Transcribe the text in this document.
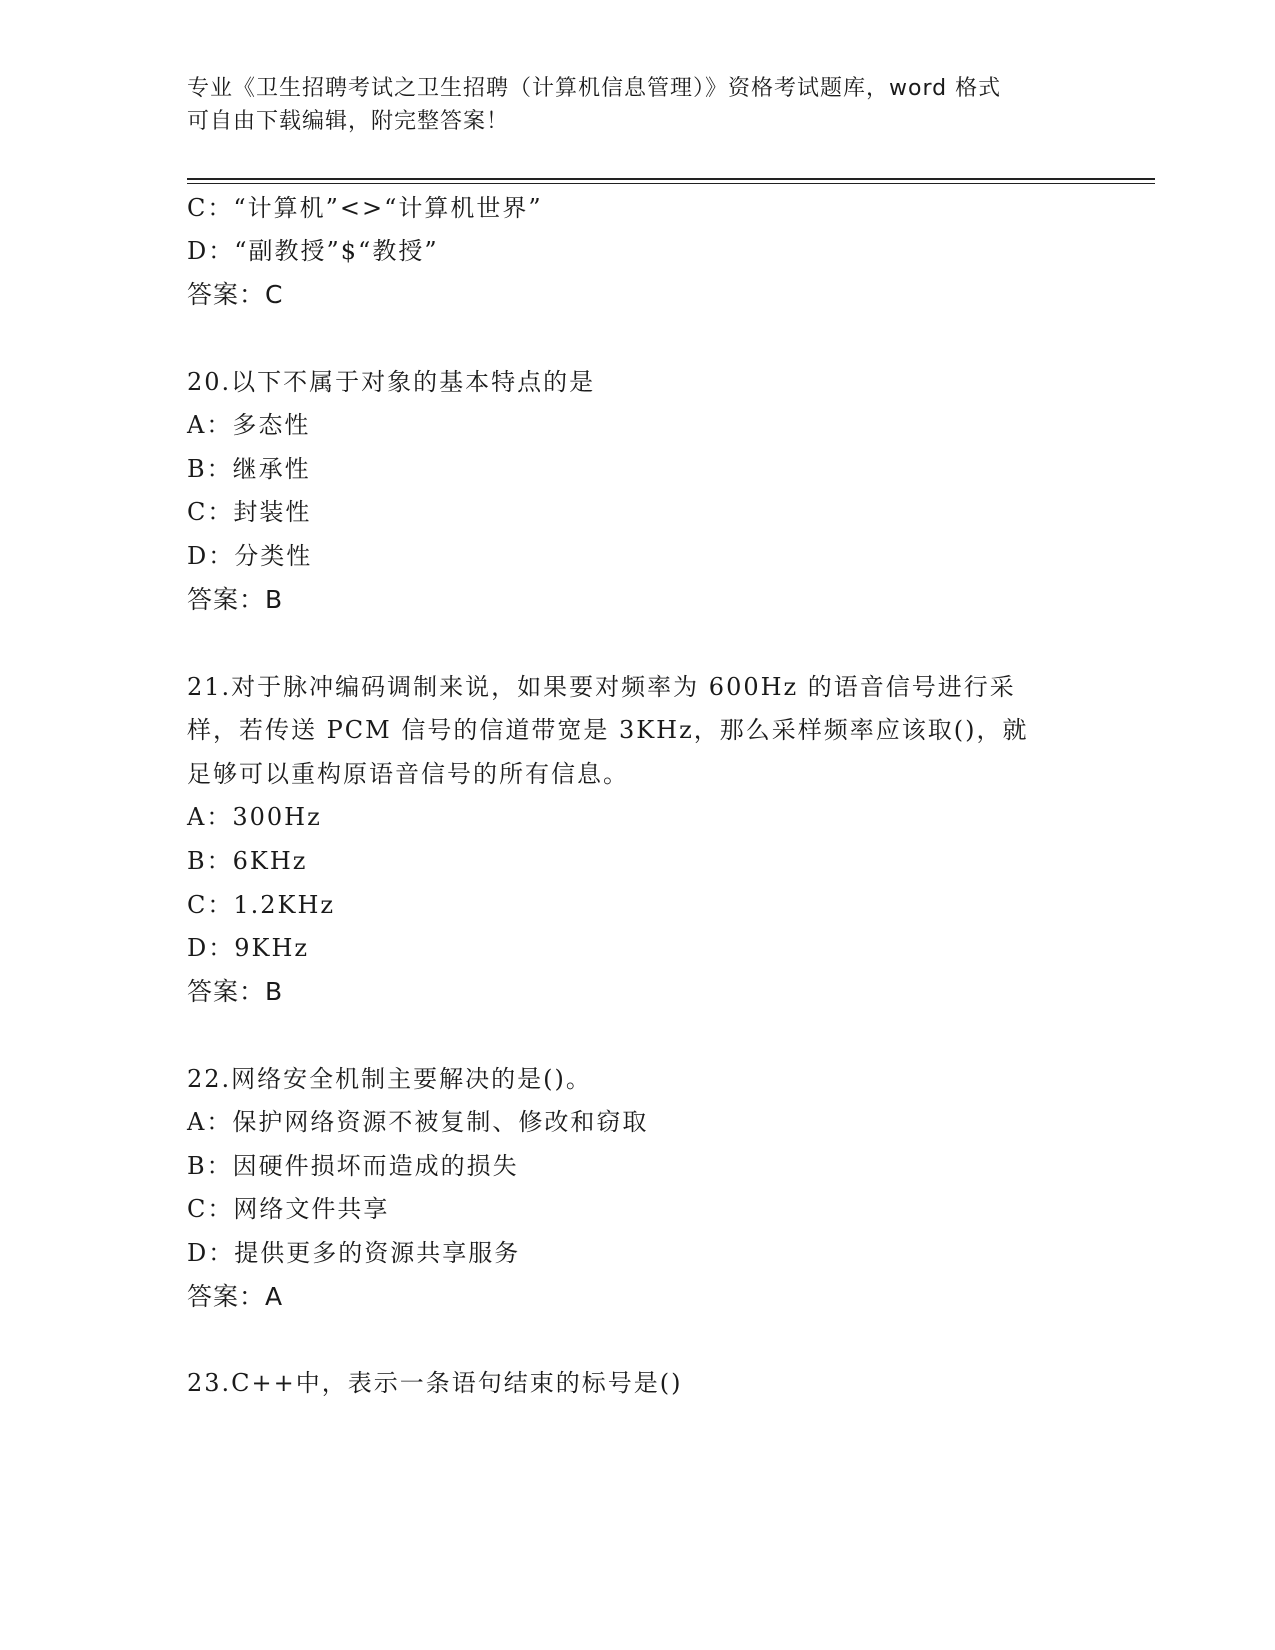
专业《卫生招聘考试之卫生招聘（计算机信息管理）》资格考试题库，word 格式
可自由下载编辑，附完整答案！
C：“计算机”<>“计算机世界”
D：“副教授”$“教授”
答案：C
20.以下不属于对象的基本特点的是
A：多态性
B：继承性
C：封装性
D：分类性
答案：B
21.对于脉冲编码调制来说，如果要对频率为 600Hz 的语音信号进行采
样，若传送 PCM 信号的信道带宽是 3KHz，那么采样频率应该取()，就
足够可以重构原语音信号的所有信息。
A：300Hz
B：6KHz
C：1.2KHz
D：9KHz
答案：B
22.网络安全机制主要解决的是()。
A：保护网络资源不被复制、修改和窃取
B：因硬件损坏而造成的损失
C：网络文件共享
D：提供更多的资源共享服务
答案：A
23.C++中，表示一条语句结束的标号是()
